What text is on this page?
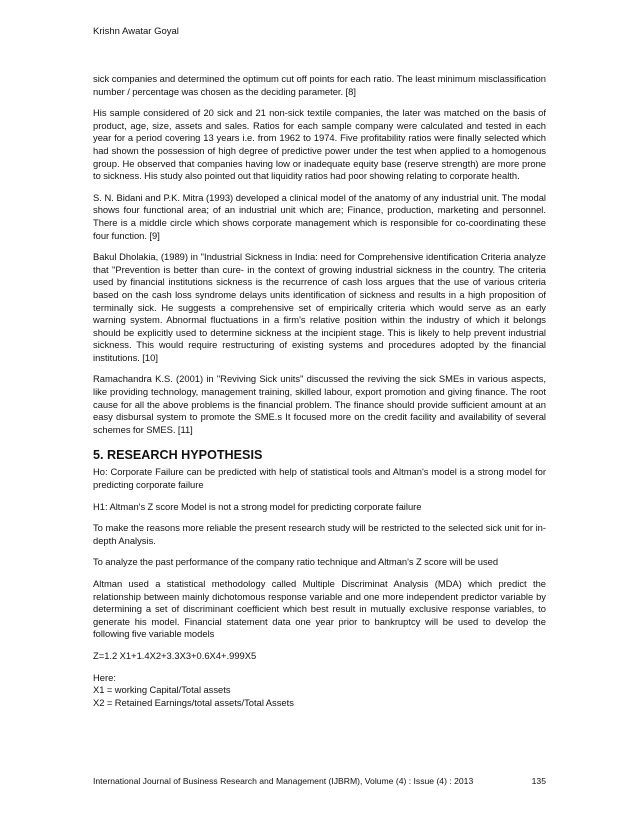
Krishn Awatar Goyal

sick companies and determined the optimum cut off points for each ratio. The least minimum misclassification number / percentage was chosen as the deciding parameter. [8]

His sample considered of 20 sick and 21 non-sick textile companies, the later was matched on the basis of product, age, size, assets and sales. Ratios for each sample company were calculated and tested in each year for a period covering 13 years i.e. from 1962 to 1974. Five profitability ratios were finally selected which had shown the possession of high degree of predictive power under the test when applied to a homogenous group. He observed that companies having low or inadequate equity base (reserve strength) are more prone to sickness. His study also pointed out that liquidity ratios had poor showing relating to corporate health.

S. N. Bidani and P.K. Mitra (1993) developed a clinical model of the anatomy of any industrial unit. The modal shows four functional area; of an industrial unit which are; Finance, production, marketing and personnel. There is a middle circle which shows corporate management which is responsible for co-coordinating these four function. [9]

Bakul Dholakia, (1989) in "Industrial Sickness in India: need for Comprehensive identification Criteria analyze that "Prevention is better than cure- in the context of growing industrial sickness in the country. The criteria used by financial institutions sickness is the recurrence of cash loss argues that the use of various criteria based on the cash loss syndrome delays units identification of sickness and results in a high proposition of terminally sick. He suggests a comprehensive set of empirically criteria which would serve as an early warning system. Abnormal fluctuations in a firm's relative position within the industry of which it belongs should be explicitly used to determine sickness at the incipient stage. This is likely to help prevent industrial sickness. This would require restructuring of existing systems and procedures adopted by the financial institutions. [10]

Ramachandra K.S. (2001) in "Reviving Sick units" discussed the reviving the sick SMEs in various aspects, like providing technology, management training, skilled labour, export promotion and giving finance. The root cause for all the above problems is the financial problem. The finance should provide sufficient amount at an easy disbursal system to promote the SME.s It focused more on the credit facility and availability of several schemes for SMES. [11]

5. RESEARCH HYPOTHESIS

Ho: Corporate Failure can be predicted with help of statistical tools and Altman's model is a strong model for predicting corporate failure

H1: Altman's Z score Model is not a strong model for predicting corporate failure

To make the reasons more reliable the present research study will be restricted to the selected sick unit for in-depth Analysis.

To analyze the past performance of the company ratio technique and Altman's Z score will be used

Altman used a statistical methodology called Multiple Discriminat Analysis (MDA) which predict the relationship between mainly dichotomous response variable and one more independent predictor variable by determining a set of discriminant coefficient which best result in mutually exclusive response variables, to generate his model. Financial statement data one year prior to bankruptcy will be used to develop the following five variable models

Z=1.2 X1+1.4X2+3.3X3+0.6X4+.999X5

Here:
X1 = working Capital/Total assets
X2 = Retained Earnings/total assets/Total Assets

International Journal of Business Research and Management (IJBRM), Volume (4) : Issue (4) : 2013	135
